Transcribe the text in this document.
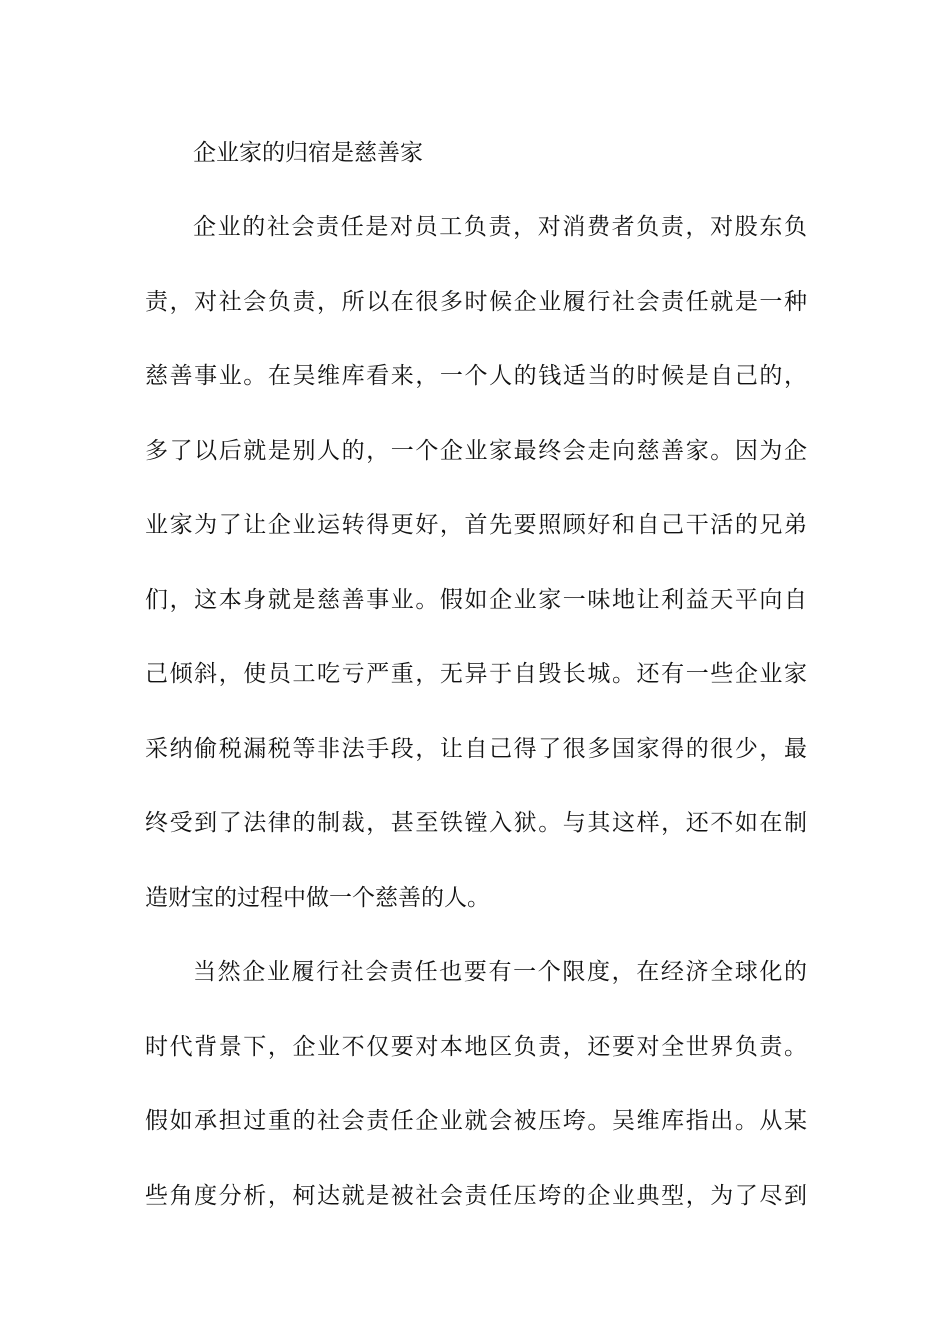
企业家的归宿是慈善家
企业的社会责任是对员工负责，对消费者负责，对股东负
责，对社会负责，所以在很多时候企业履行社会责任就是一种
慈善事业。在吴维库看来，一个人的钱适当的时候是自己的，
多了以后就是别人的，一个企业家最终会走向慈善家。因为企
业家为了让企业运转得更好，首先要照顾好和自己干活的兄弟
们，这本身就是慈善事业。假如企业家一味地让利益天平向自
己倾斜，使员工吃亏严重，无异于自毁长城。还有一些企业家
采纳偷税漏税等非法手段，让自己得了很多国家得的很少，最
终受到了法律的制裁，甚至铁镗入狱。与其这样，还不如在制
造财宝的过程中做一个慈善的人。
当然企业履行社会责任也要有一个限度，在经济全球化的
时代背景下，企业不仅要对本地区负责，还要对全世界负责。
假如承担过重的社会责任企业就会被压垮。吴维库指出。从某
些角度分析，柯达就是被社会责任压垮的企业典型，为了尽到
